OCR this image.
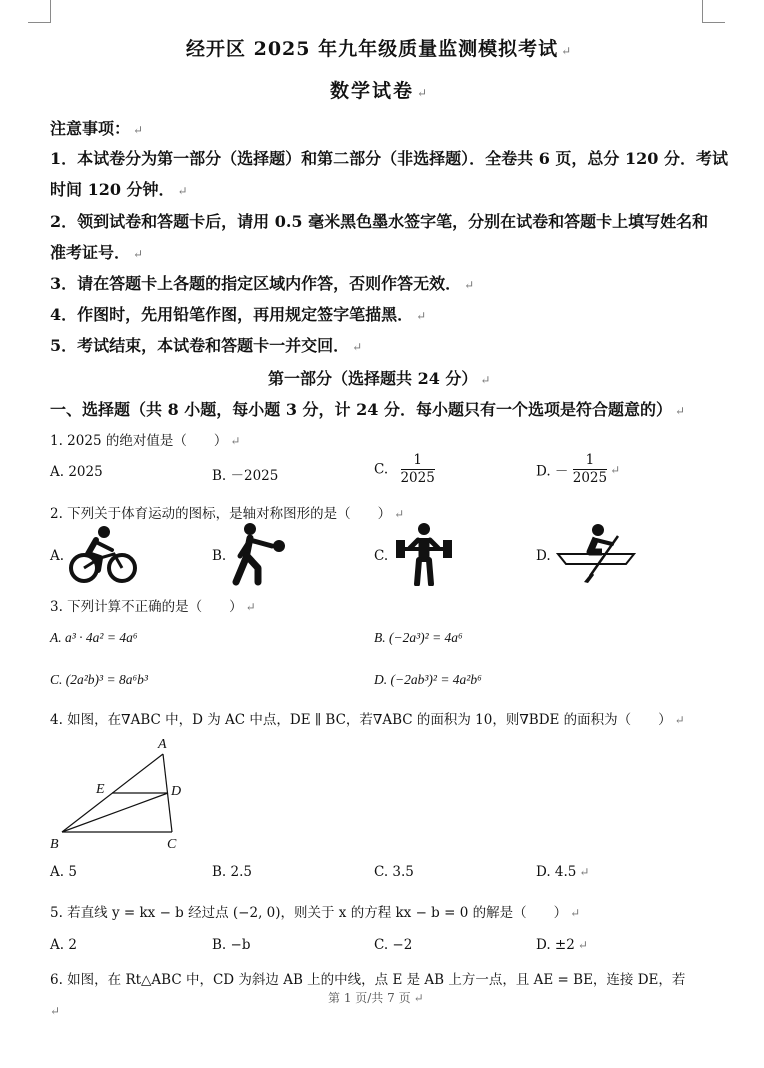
经开区 2025 年九年级质量监测模拟考试 ↵
数学试卷 ↵
注意事项： ↵
1．本试卷分为第一部分（选择题）和第二部分（非选择题）．全卷共 6 页，总分 120 分．考试
时间 120 分钟． ↵
2．领到试卷和答题卡后，请用 0.5 毫米黑色墨水签字笔，分别在试卷和答题卡上填写姓名和
准考证号． ↵
3．请在答题卡上各题的指定区域内作答，否则作答无效． ↵
4．作图时，先用铅笔作图，再用规定签字笔描黑． ↵
5．考试结束，本试卷和答题卡一并交回． ↵
第一部分（选择题共 24 分） ↵
一、选择题（共 8 小题，每小题 3 分，计 24 分．每小题只有一个选项是符合题意的） ↵
1. 2025 的绝对值是（　　） ↵
A. 2025	B. －2025	C. $\frac{1}{2025}$	D. － $\frac{1}{2025}$ ↵
2. 下列关于体育运动的图标，是轴对称图形的是（　　） ↵
A.	B.	C.	D.
3. 下列计算不正确的是（　　） ↵
A. a³ · 4a² = 4a⁶	B. (−2a³)² = 4a⁶
C. (2a²b)³ = 8a⁶b³	D. (−2ab³)² = 4a²b⁶
4. 如图，在∇ABC 中，D 为 AC 中点，DE ∥ BC，若∇ABC 的面积为 10，则∇BDE 的面积为（　　） ↵
A
E	D
B	C
A. 5	B. 2.5	C. 3.5	D. 4.5 ↵
5. 若直线 y = kx − b 经过点 (−2, 0)，则关于 x 的方程 kx − b = 0 的解是（　　） ↵
A. 2	B. −b	C. −2	D. ±2 ↵
6. 如图，在 Rt△ABC 中，CD 为斜边 AB 上的中线，点 E 是 AB 上方一点，且 AE = BE，连接 DE，若
第 1 页/共 7 页 ↵
↵
